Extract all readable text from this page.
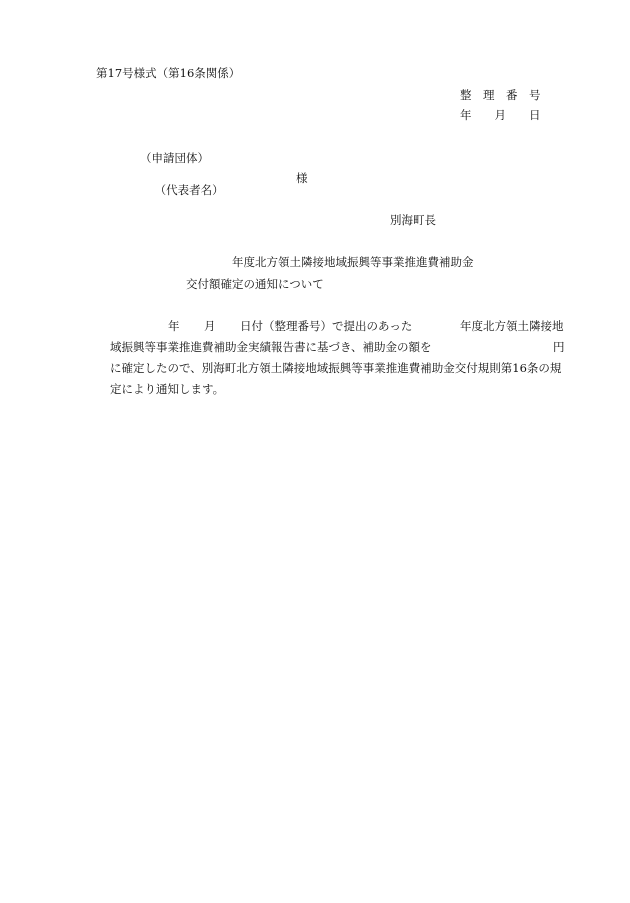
第17号様式（第16条関係）
整　理　番　号
年　　月　　日
（申請団体）

（代表者名）

様

別海町長
年度北方領土隣接地域振興等事業推進費補助金
交付額確定の通知について

年

月

日付（整理番号）で提出のあった

	年度北方領土隣接地

域振興等事業推進費補助金実績報告書に基づき、補助金の額を

	円

に確定したので、別海町北方領土隣接地域振興等事業推進費補助金交付規則第16条の規

定により通知します。
